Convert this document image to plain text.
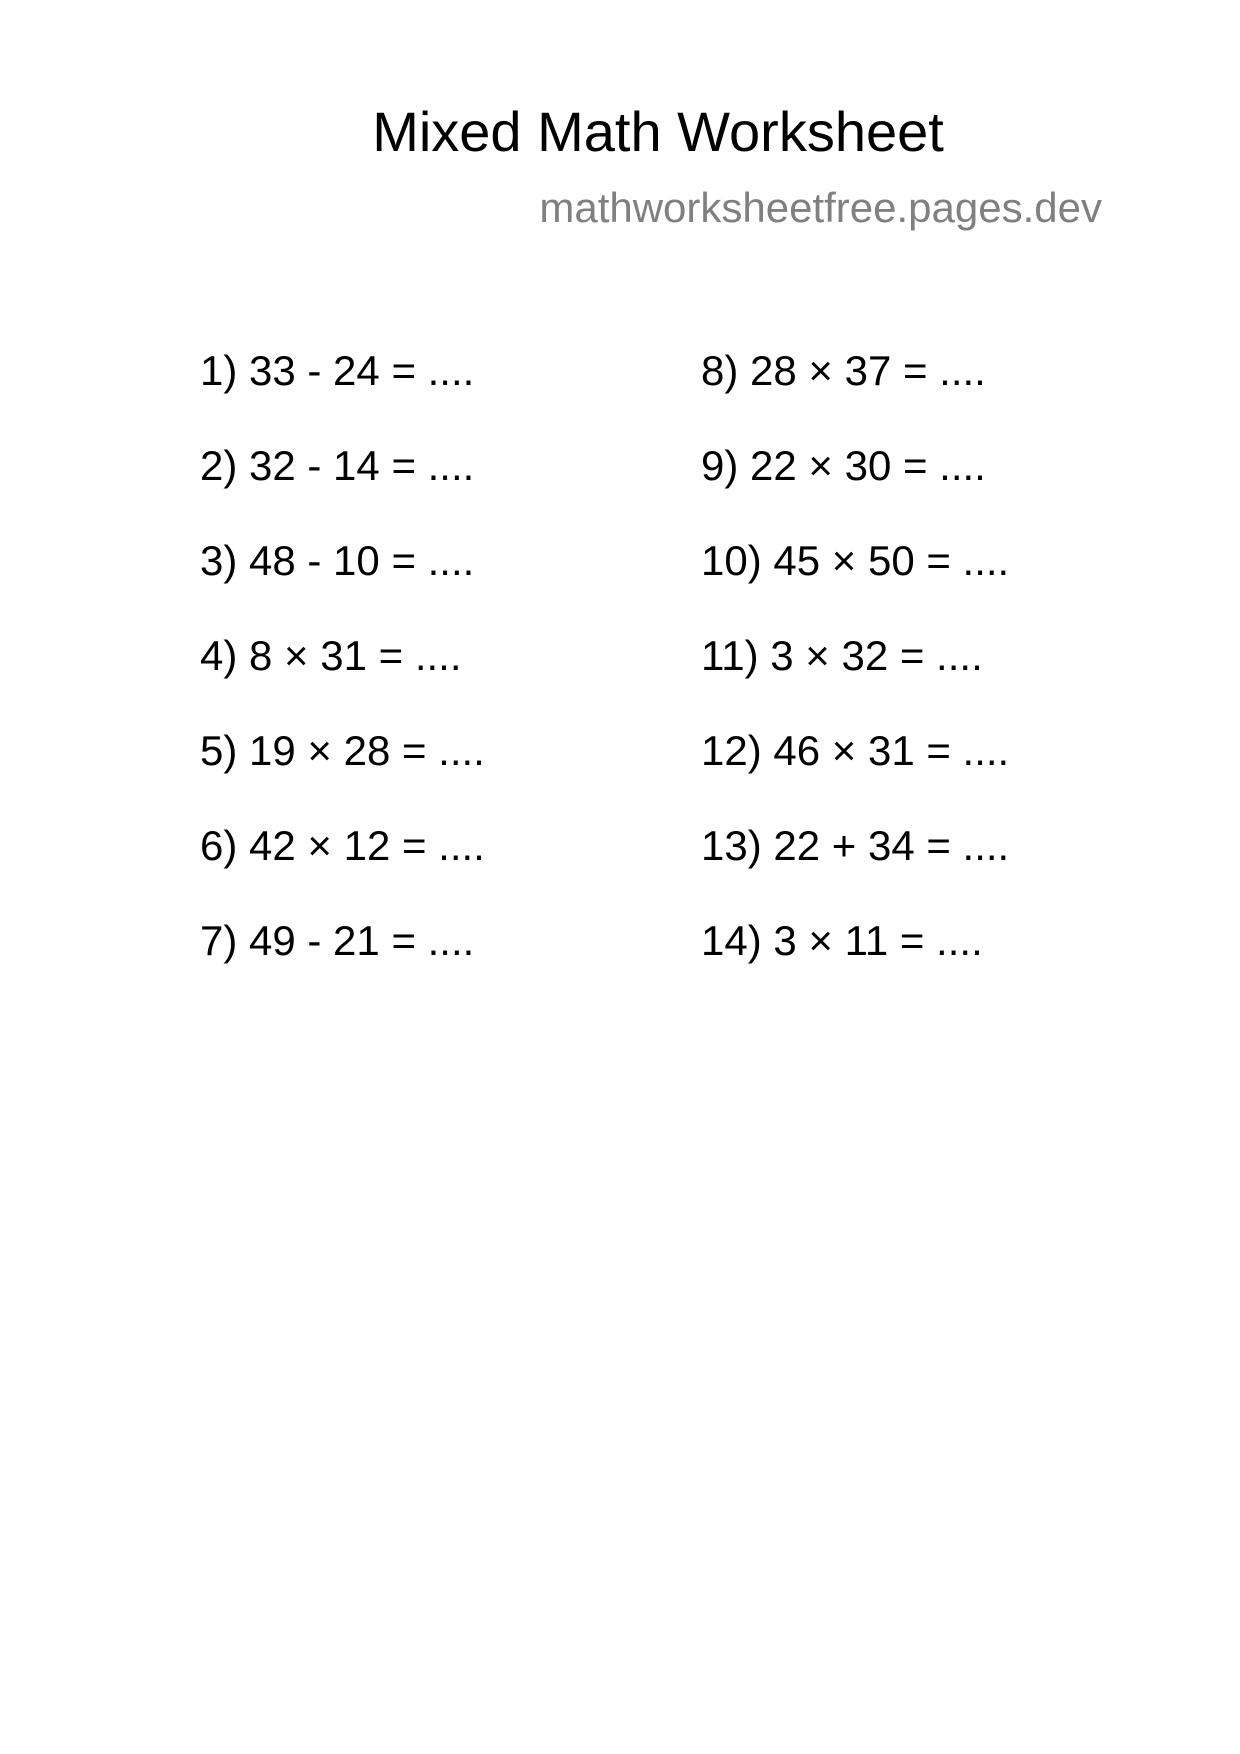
Mixed Math Worksheet
mathworksheetfree.pages.dev
1) 33 - 24 = ....
2) 32 - 14 = ....
3) 48 - 10 = ....
4) 8 × 31 = ....
5) 19 × 28 = ....
6) 42 × 12 = ....
7) 49 - 21 = ....
8) 28 × 37 = ....
9) 22 × 30 = ....
10) 45 × 50 = ....
11) 3 × 32 = ....
12) 46 × 31 = ....
13) 22 + 34 = ....
14) 3 × 11 = ....
